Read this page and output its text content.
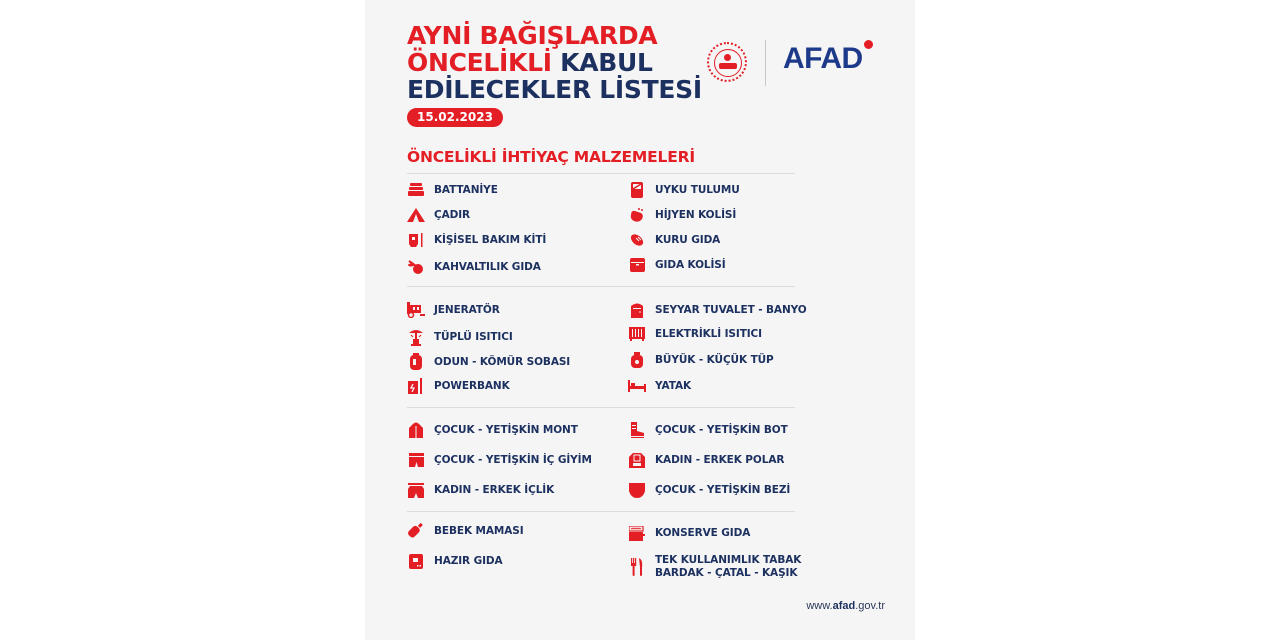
AYNİ BAĞIŞLARDA
ÖNCELİKLİ KABUL
EDİLECEKLER LİSTESİ
15.02.2023
AFAD
ÖNCELİKLİ İHTİYAÇ MALZEMELERİ
BATTANİYE
ÇADIR
KİŞİSEL BAKIM KİTİ
KAHVALTILIK GIDA
UYKU TULUMU
HİJYEN KOLİSİ
KURU GIDA
GIDA KOLİSİ
JENERATÖR
TÜPLÜ ISITICI
ODUN - KÖMÜR SOBASI
POWERBANK
SEYYAR TUVALET - BANYO
ELEKTRİKLİ ISITICI
BÜYÜK - KÜÇÜK TÜP
YATAK
ÇOCUK - YETİŞKİN MONT
ÇOCUK - YETİŞKİN İÇ GİYİM
KADIN - ERKEK İÇLİK
ÇOCUK - YETİŞKİN BOT
KADIN - ERKEK POLAR
ÇOCUK - YETİŞKİN BEZİ
BEBEK MAMASI
HAZIR GIDA
KONSERVE GIDA
TEK KULLANIMLIK TABAK
BARDAK - ÇATAL - KAŞIK
www.afad.gov.tr
